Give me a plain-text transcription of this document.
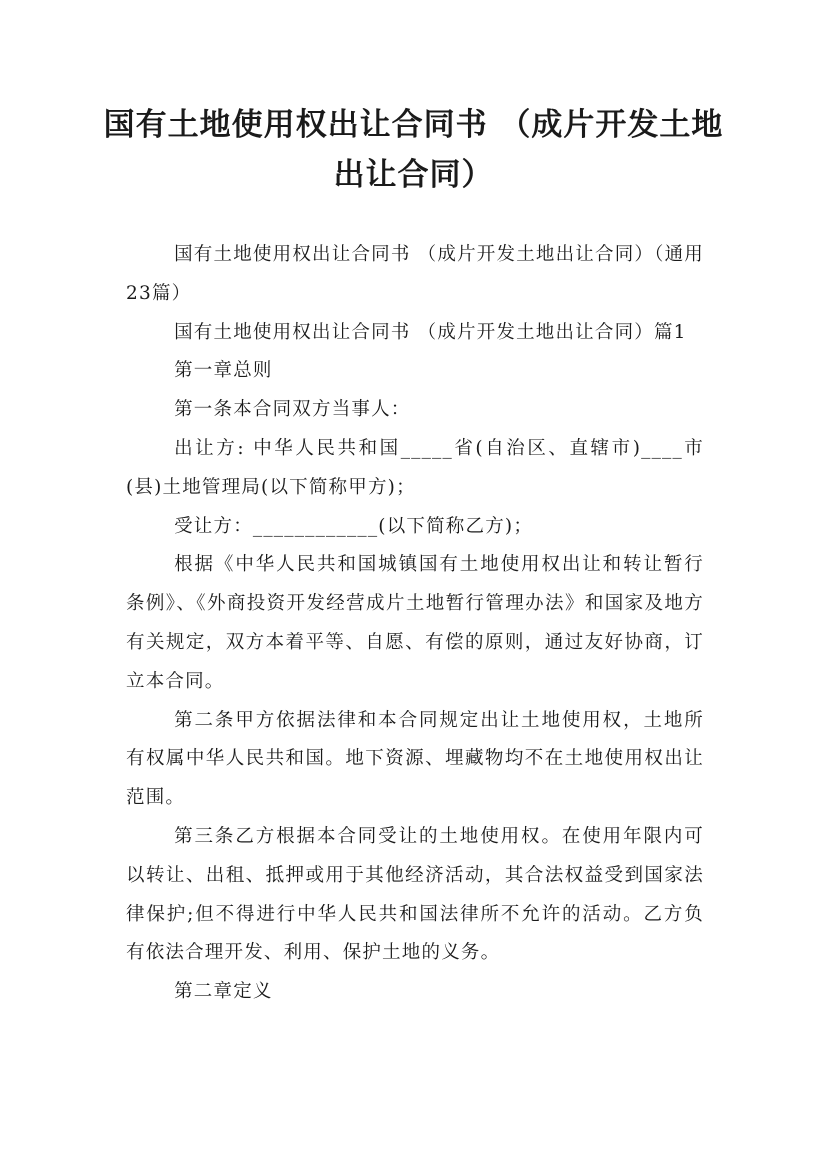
国有土地使用权出让合同书 （成片开发土地出让合同）

国有土地使用权出让合同书 （成片开发土地出让合同）（通用23篇）

国有土地使用权出让合同书 （成片开发土地出让合同）篇1

第一章总则

第一条本合同双方当事人：

出让方: 中华人民共和国_____省(自治区、直辖市)____市(县)土地管理局(以下简称甲方)；

受让方：____________(以下简称乙方)；

根据《中华人民共和国城镇国有土地使用权出让和转让暂行条例》、《外商投资开发经营成片土地暂行管理办法》和国家及地方有关规定，双方本着平等、自愿、有偿的原则，通过友好协商，订立本合同。

第二条甲方依据法律和本合同规定出让土地使用权，土地所有权属中华人民共和国。地下资源、埋藏物均不在土地使用权出让范围。

第三条乙方根据本合同受让的土地使用权。在使用年限内可以转让、出租、抵押或用于其他经济活动，其合法权益受到国家法律保护;但不得进行中华人民共和国法律所不允许的活动。乙方负有依法合理开发、利用、保护土地的义务。

第二章定义
